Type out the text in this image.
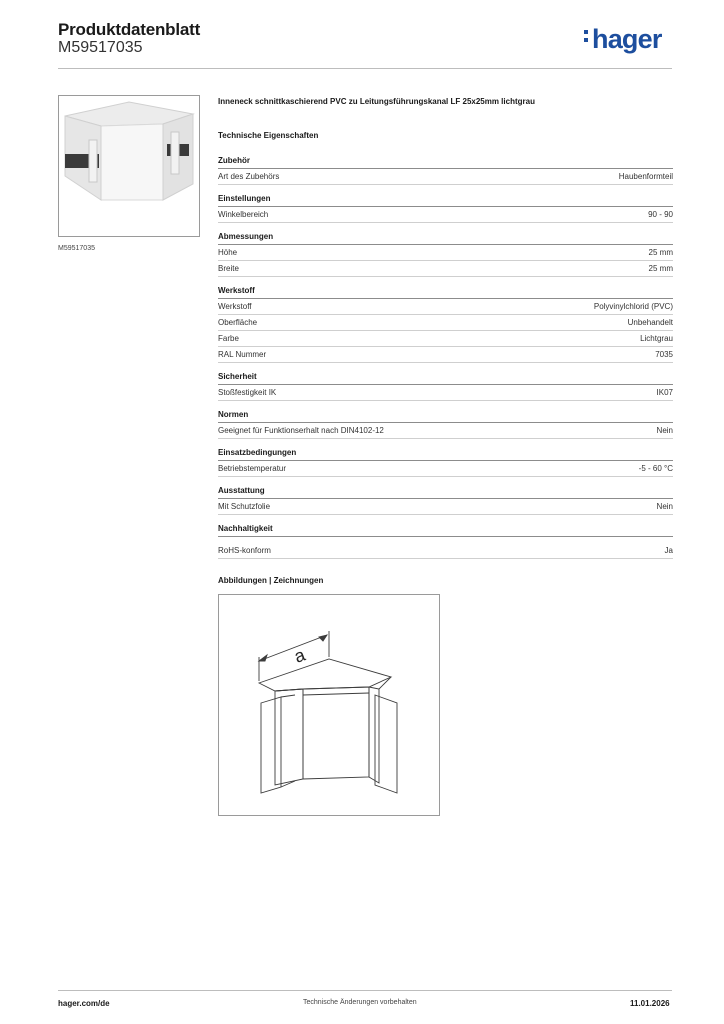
Produktdatenblatt
M59517035	hager
M59517035
Inneneck schnittkaschierend PVC zu Leitungsführungskanal LF 25x25mm lichtgrau
Technische Eigenschaften
Zubehör
Art des Zubehörs	Haubenformteil
Einstellungen
Winkelbereich	90 - 90
Abmessungen
Höhe	25 mm
Breite	25 mm
Werkstoff
Werkstoff	Polyvinylchlorid (PVC)
Oberfläche	Unbehandelt
Farbe	Lichtgrau
RAL Nummer	7035
Sicherheit
Stoßfestigkeit IK	IK07
Normen
Geeignet für Funktionserhalt nach DIN4102-12	Nein
Einsatzbedingungen
Betriebstemperatur	-5 - 60 °C
Ausstattung
Mit Schutzfolie	Nein
Nachhaltigkeit
RoHS-konform	Ja
Abbildungen | Zeichnungen
a
hager.com/de	Technische Änderungen vorbehalten	11.01.2026
